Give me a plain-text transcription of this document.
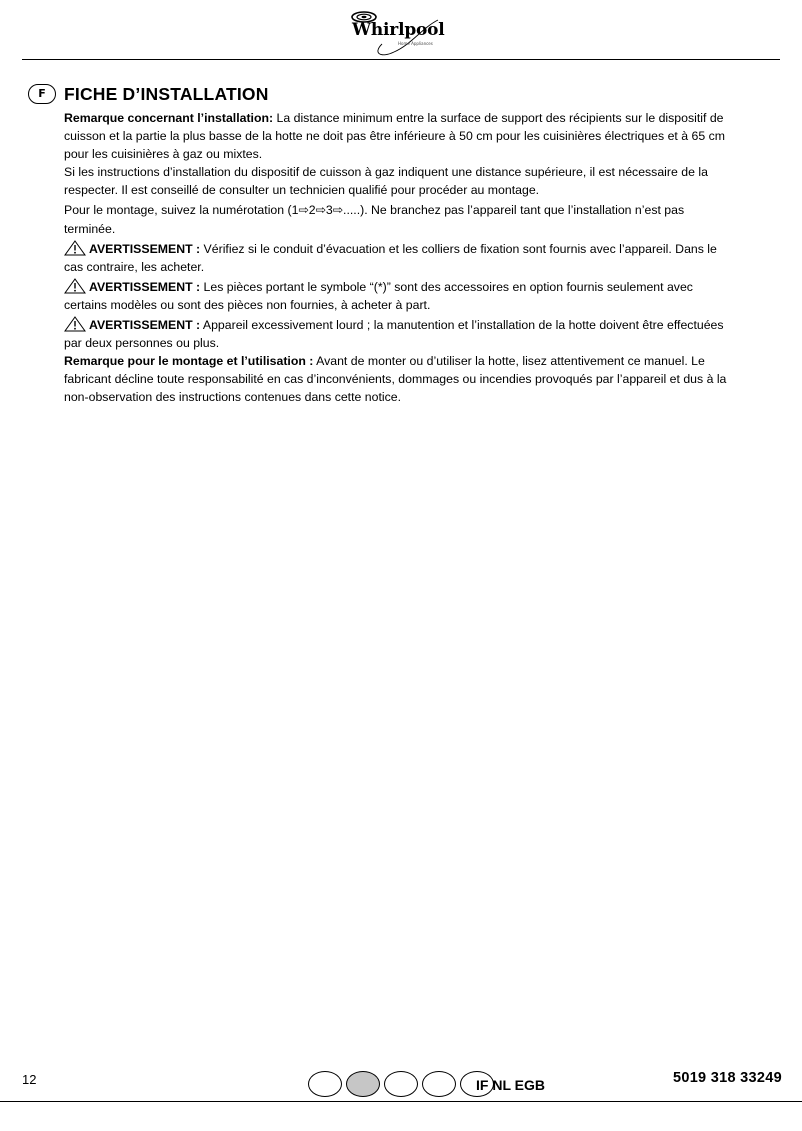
Whirlpool
Home Appliances
F	FICHE D’INSTALLATION

Remarque concernant l’installation: La distance minimum entre la surface de support des récipients sur le dispositif de cuisson et la partie la plus basse de la hotte ne doit pas être inférieure à 50 cm pour les cuisinières électriques et à 65 cm pour les cuisinières à gaz ou mixtes.

Si les instructions d’installation du dispositif de cuisson à gaz indiquent une distance supérieure, il est nécessaire de la respecter. Il est conseillé de consulter un technicien qualifié pour procéder au montage.

Pour le montage, suivez la numérotation (1⇨2⇨3⇨.....). Ne branchez pas l’appareil tant que l’installation n’est pas terminée.

AVERTISSEMENT : Vérifiez si le conduit d’évacuation et les colliers de fixation sont fournis avec l’appareil. Dans le cas contraire, les acheter.

AVERTISSEMENT : Les pièces portant le symbole “(*)” sont des accessoires en option fournis seulement avec certains modèles ou sont des pièces non fournies, à acheter à part.

AVERTISSEMENT : Appareil excessivement lourd ; la manutention et l’installation de la hotte doivent être effectuées par deux personnes ou plus.

Remarque pour le montage et l’utilisation : Avant de monter ou d’utiliser la hotte, lisez attentivement ce manuel. Le fabricant décline toute responsabilité en cas d’inconvénients, dommages ou incendies provoqués par l’appareil et dus à la non-observation des instructions contenues dans cette notice.

12	IF NL EGB	5019 318 33249
